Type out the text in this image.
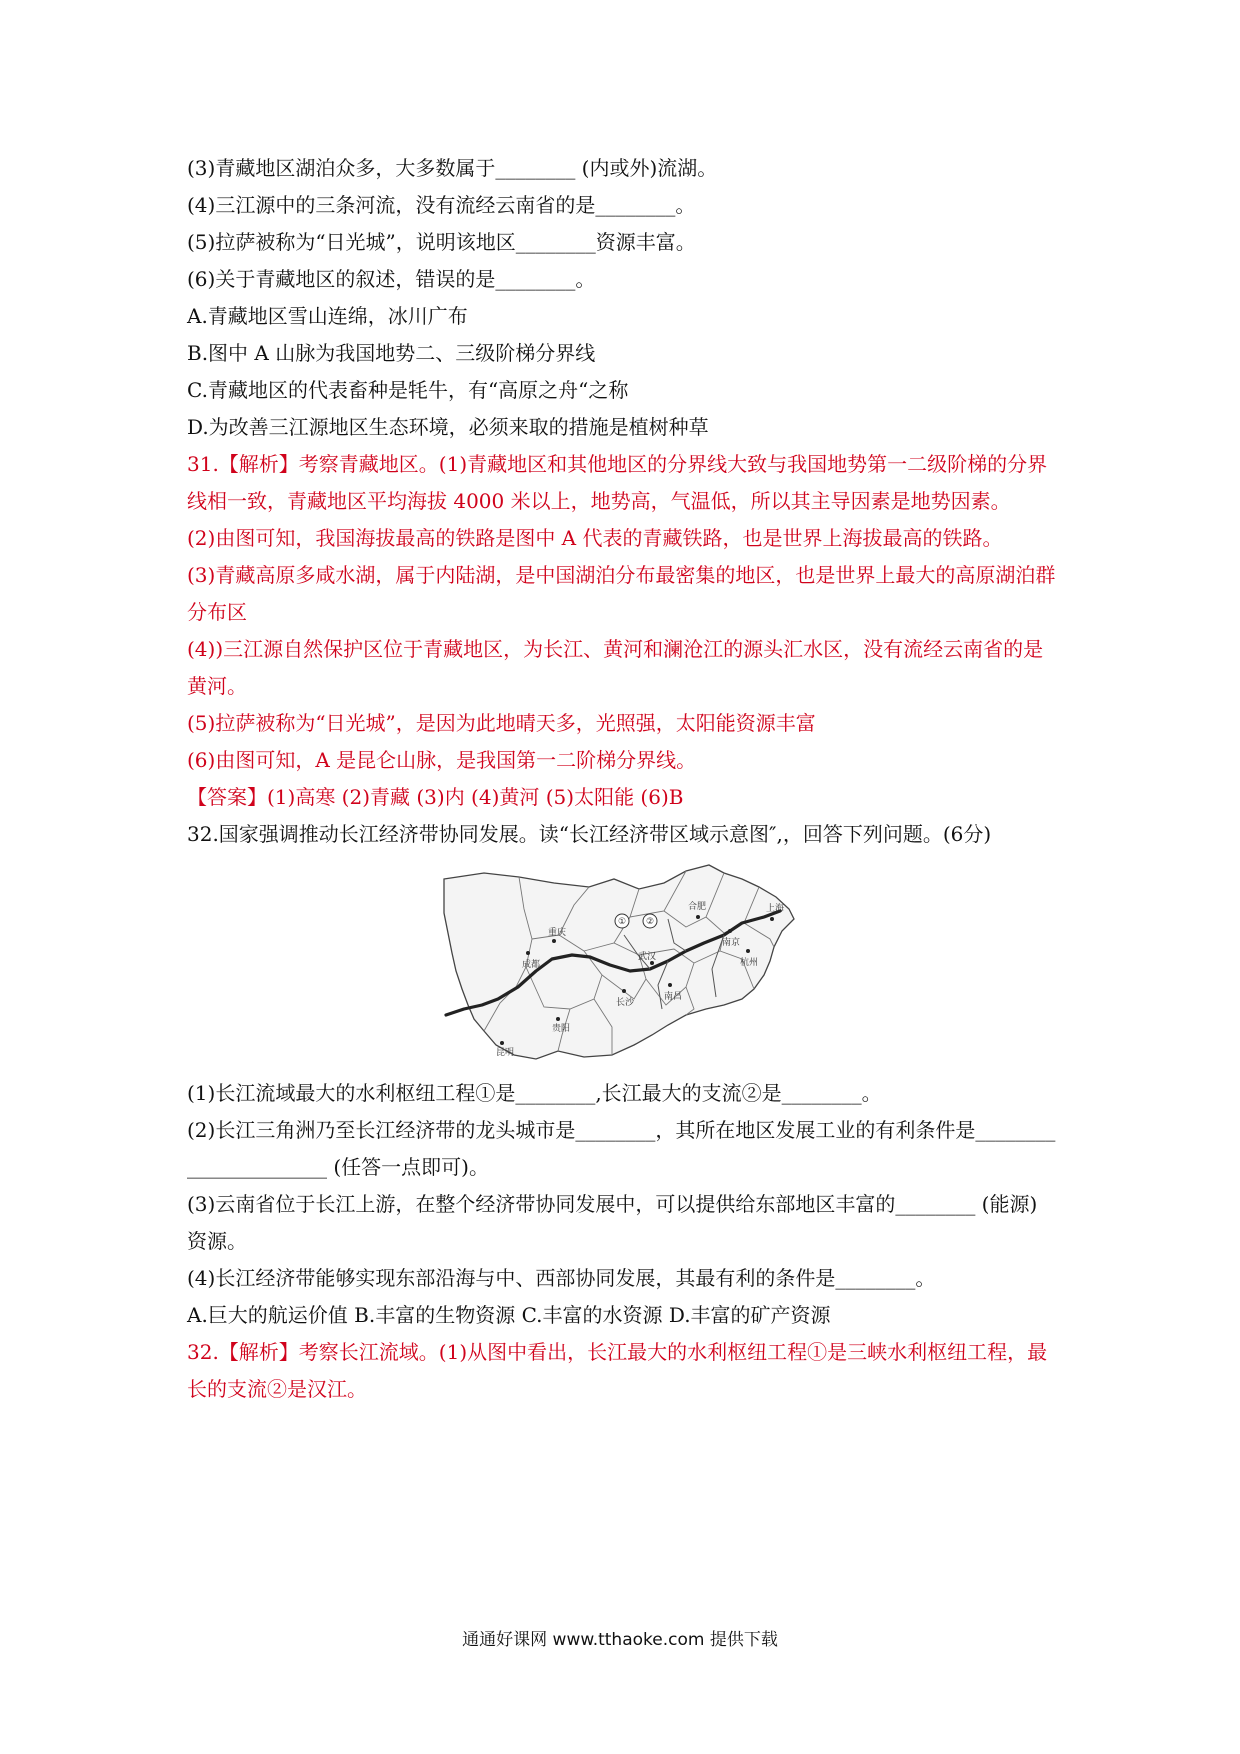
(3)青藏地区湖泊众多，大多数属于________ (内或外)流湖。
(4)三江源中的三条河流，没有流经云南省的是________。
(5)拉萨被称为“日光城”，说明该地区________资源丰富。
(6)关于青藏地区的叙述，错误的是________。
A.青藏地区雪山连绵，冰川广布
B.图中 A 山脉为我国地势二、三级阶梯分界线
C.青藏地区的代表畜种是牦牛，有“高原之舟“之称
D.为改善三江源地区生态环境，必须来取的措施是植树种草
31.【解析】考察青藏地区。(1)青藏地区和其他地区的分界线大致与我国地势第一二级阶梯的分界线相一致，青藏地区平均海拔 4000 米以上，地势高，气温低，所以其主导因素是地势因素。
(2)由图可知，我国海拔最高的铁路是图中 A 代表的青藏铁路，也是世界上海拔最高的铁路。
(3)青藏高原多咸水湖，属于内陆湖，是中国湖泊分布最密集的地区，也是世界上最大的高原湖泊群分布区
(4))三江源自然保护区位于青藏地区，为长江、黄河和澜沧江的源头汇水区，没有流经云南省的是黄河。
(5)拉萨被称为“日光城”，是因为此地晴天多，光照强，太阳能资源丰富
(6)由图可知，A 是昆仑山脉，是我国第一二阶梯分界线。
【答案】(1)高寒 (2)青藏 (3)内 (4)黄河 (5)太阳能 (6)B
32.国家强调推动长江经济带协同发展。读“长江经济带区域示意图″,，回答下列问题。(6分)
① ②
成都
重庆
昆明
贵阳
长沙
南昌
武汉
合肥
南京
杭州
上海
(1)长江流域最大的水利枢纽工程①是________,长江最大的支流②是________。
(2)长江三角洲乃至长江经济带的龙头城市是________，其所在地区发展工业的有利条件是______________________ (任答一点即可)。
(3)云南省位于长江上游，在整个经济带协同发展中，可以提供给东部地区丰富的________ (能源)资源。
(4)长江经济带能够实现东部沿海与中、西部协同发展，其最有利的条件是________。
A.巨大的航运价值 B.丰富的生物资源 C.丰富的水资源 D.丰富的矿产资源
32.【解析】考察长江流域。(1)从图中看出，长江最大的水利枢纽工程①是三峡水利枢纽工程，最长的支流②是汉江。
通通好课网 www.tthaoke.com 提供下载
